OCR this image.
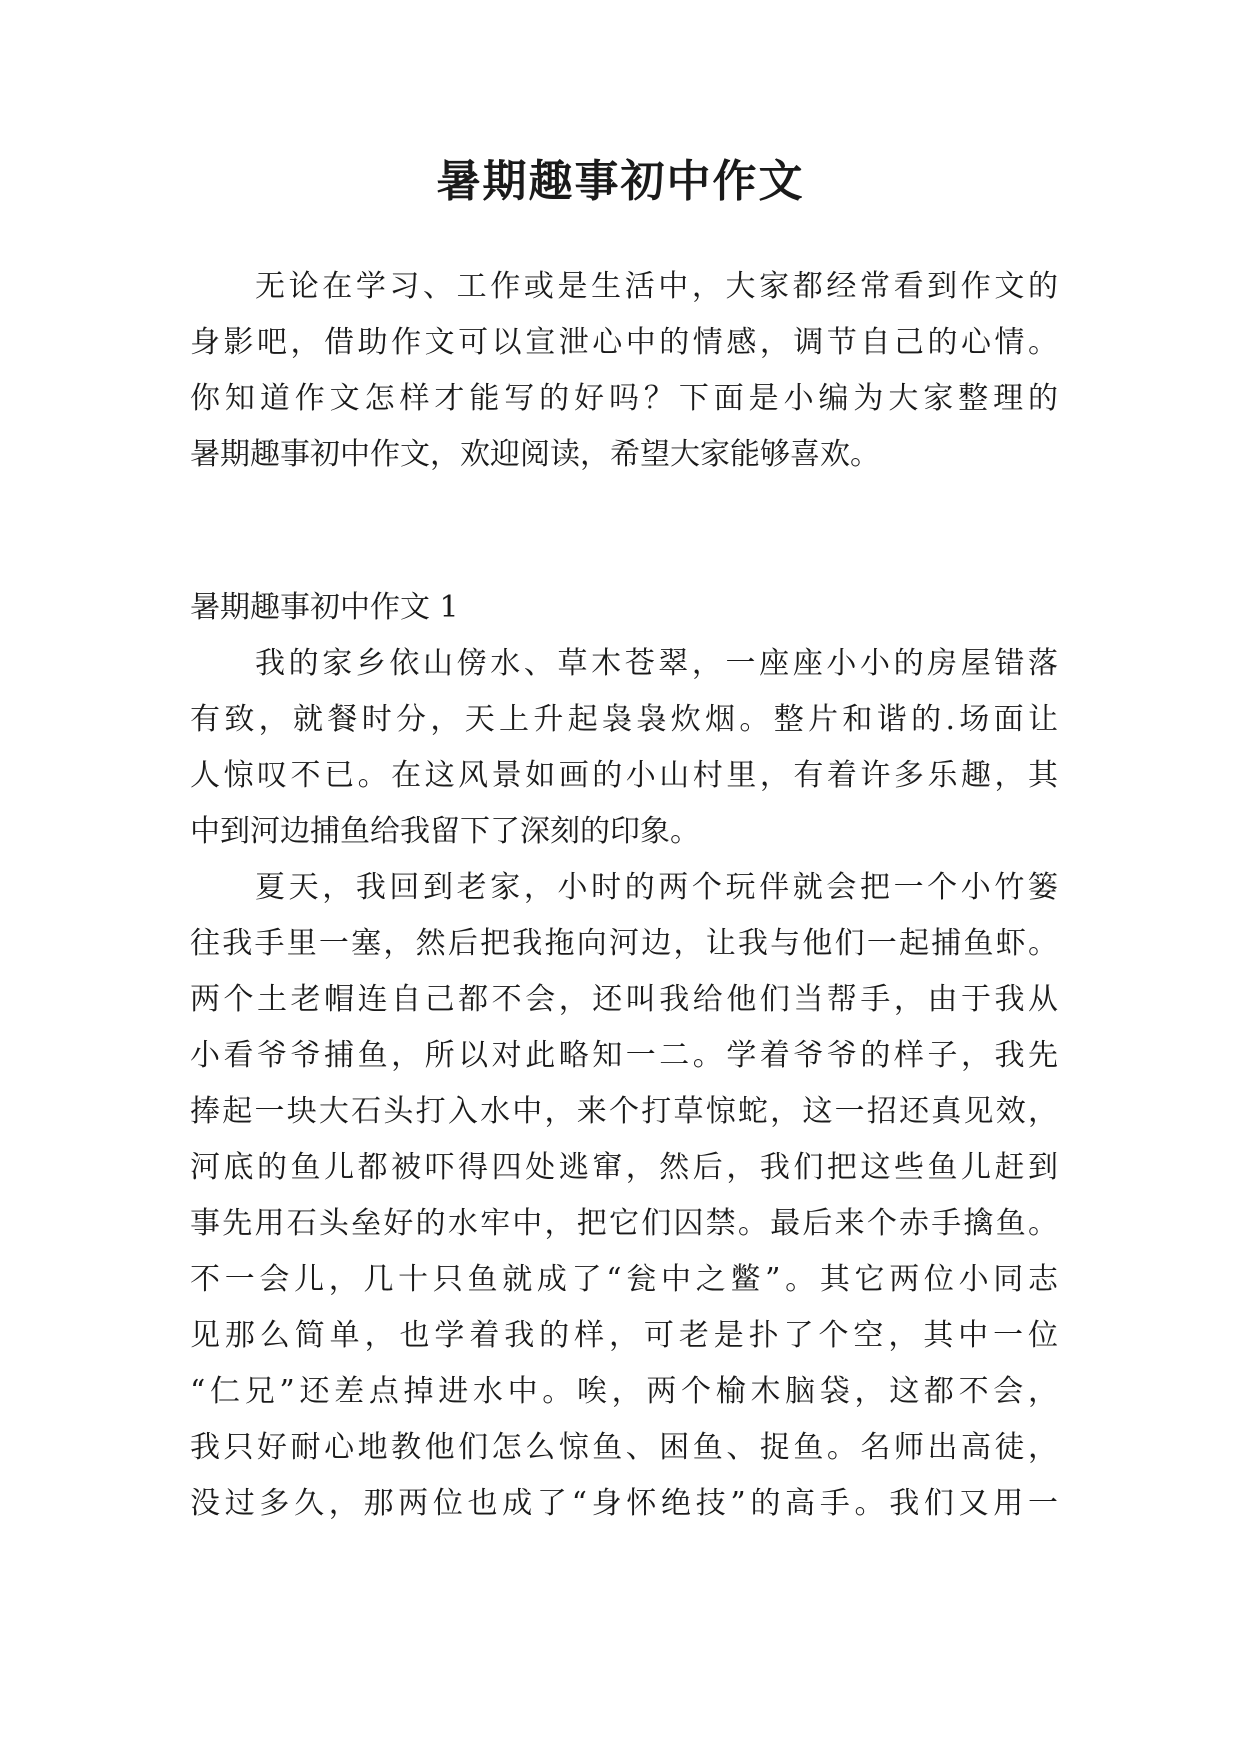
暑期趣事初中作文
无论在学习、工作或是生活中，大家都经常看到作文的
身影吧，借助作文可以宣泄心中的情感，调节自己的心情。
你知道作文怎样才能写的好吗？下面是小编为大家整理的
暑期趣事初中作文，欢迎阅读，希望大家能够喜欢。
暑期趣事初中作文 1
我的家乡依山傍水、草木苍翠，一座座小小的房屋错落
有致，就餐时分，天上升起袅袅炊烟。整片和谐的.场面让
人惊叹不已。在这风景如画的小山村里，有着许多乐趣，其
中到河边捕鱼给我留下了深刻的印象。
夏天，我回到老家，小时的两个玩伴就会把一个小竹篓
往我手里一塞，然后把我拖向河边，让我与他们一起捕鱼虾。
两个土老帽连自己都不会，还叫我给他们当帮手，由于我从
小看爷爷捕鱼，所以对此略知一二。学着爷爷的样子，我先
捧起一块大石头打入水中，来个打草惊蛇，这一招还真见效，
河底的鱼儿都被吓得四处逃窜，然后，我们把这些鱼儿赶到
事先用石头垒好的水牢中，把它们囚禁。最后来个赤手擒鱼。
不一会儿，几十只鱼就成了“瓮中之鳖”。其它两位小同志
见那么简单，也学着我的样，可老是扑了个空，其中一位
“仁兄”还差点掉进水中。唉，两个榆木脑袋，这都不会，
我只好耐心地教他们怎么惊鱼、困鱼、捉鱼。名师出高徒，
没过多久，那两位也成了“身怀绝技”的高手。我们又用一
